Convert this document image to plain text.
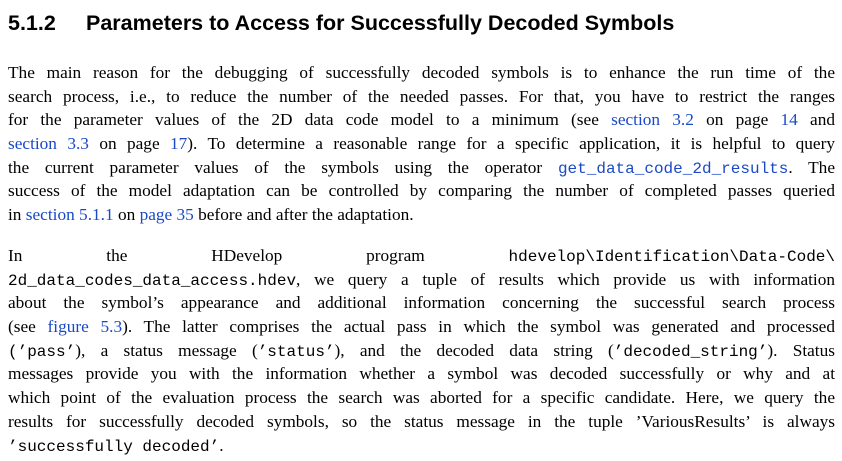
5.1.2 Parameters to Access for Successfully Decoded Symbols
The main reason for the debugging of successfully decoded symbols is to enhance the run time of the
search process, i.e., to reduce the number of the needed passes. For that, you have to restrict the ranges
for the parameter values of the 2D data code model to a minimum (see section 3.2 on page 14 and
section 3.3 on page 17). To determine a reasonable range for a specific application, it is helpful to query
the current parameter values of the symbols using the operator get_data_code_2d_results. The
success of the model adaptation can be controlled by comparing the number of completed passes queried
in section 5.1.1 on page 35 before and after the adaptation.
In	the	HDevelop	program	hdevelop\Identification\Data-Code\
2d_data_codes_data_access.hdev, we query a tuple of results which provide us with information
about the symbol’s appearance and additional information concerning the successful search process
(see figure 5.3). The latter comprises the actual pass in which the symbol was generated and processed
(’pass’), a status message (’status’), and the decoded data string (’decoded_string’). Status
messages provide you with the information whether a symbol was decoded successfully or why and at
which point of the evaluation process the search was aborted for a specific candidate. Here, we query the
results for successfully decoded symbols, so the status message in the tuple ’VariousResults’ is always
’successfully decoded’.
